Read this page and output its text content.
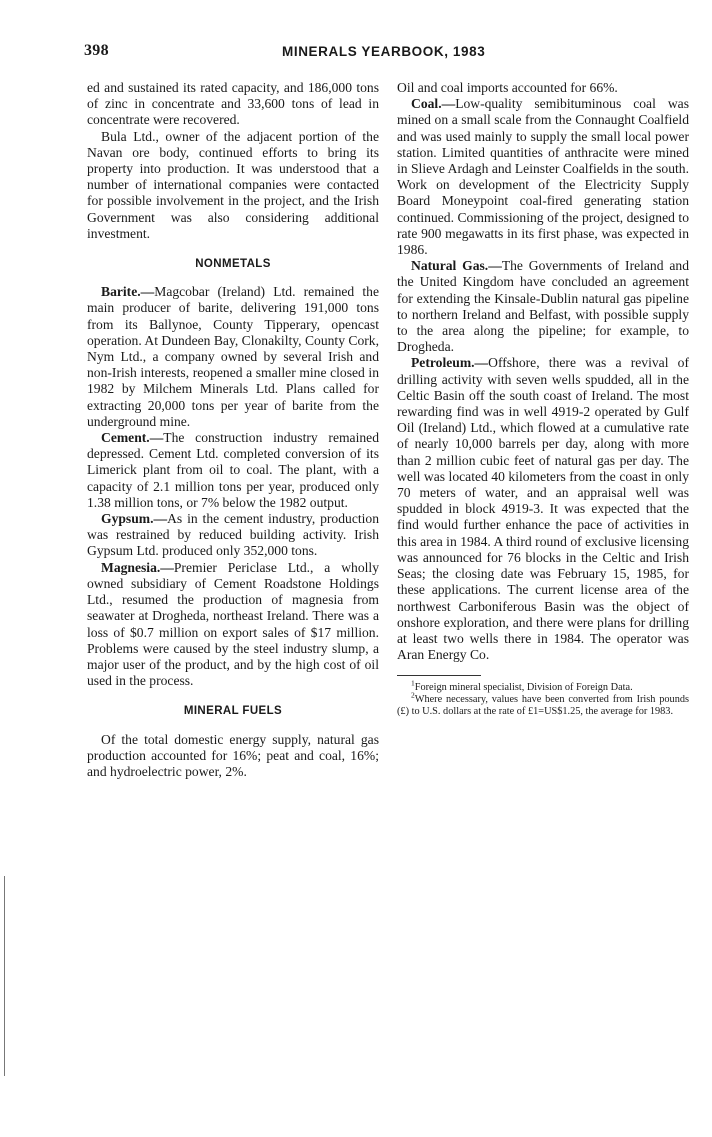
398	MINERALS YEARBOOK, 1983

ed and sustained its rated capacity, and 186,000 tons of zinc in concentrate and 33,600 tons of lead in concentrate were recovered.

Bula Ltd., owner of the adjacent portion of the Navan ore body, continued efforts to bring its property into production. It was understood that a number of international companies were contacted for possible involvement in the project, and the Irish Government was also considering additional investment.

NONMETALS

Barite.—Magcobar (Ireland) Ltd. remained the main producer of barite, delivering 191,000 tons from its Ballynoe, County Tipperary, opencast operation. At Dundeen Bay, Clonakilty, County Cork, Nym Ltd., a company owned by several Irish and non-Irish interests, reopened a smaller mine closed in 1982 by Milchem Minerals Ltd. Plans called for extracting 20,000 tons per year of barite from the underground mine.

Cement.—The construction industry remained depressed. Cement Ltd. completed conversion of its Limerick plant from oil to coal. The plant, with a capacity of 2.1 million tons per year, produced only 1.38 million tons, or 7% below the 1982 output.

Gypsum.—As in the cement industry, production was restrained by reduced building activity. Irish Gypsum Ltd. produced only 352,000 tons.

Magnesia.—Premier Periclase Ltd., a wholly owned subsidiary of Cement Roadstone Holdings Ltd., resumed the production of magnesia from seawater at Drogheda, northeast Ireland. There was a loss of $0.7 million on export sales of $17 million. Problems were caused by the steel industry slump, a major user of the product, and by the high cost of oil used in the process.

MINERAL FUELS

Of the total domestic energy supply, natural gas production accounted for 16%; peat and coal, 16%; and hydroelectric power, 2%.

Oil and coal imports accounted for 66%.

Coal.—Low-quality semibituminous coal was mined on a small scale from the Connaught Coalfield and was used mainly to supply the small local power station. Limited quantities of anthracite were mined in Slieve Ardagh and Leinster Coalfields in the south. Work on development of the Electricity Supply Board Moneypoint coal-fired generating station continued. Commissioning of the project, designed to rate 900 megawatts in its first phase, was expected in 1986.

Natural Gas.—The Governments of Ireland and the United Kingdom have concluded an agreement for extending the Kinsale-Dublin natural gas pipeline to northern Ireland and Belfast, with possible supply to the area along the pipeline; for example, to Drogheda.

Petroleum.—Offshore, there was a revival of drilling activity with seven wells spudded, all in the Celtic Basin off the south coast of Ireland. The most rewarding find was in well 4919-2 operated by Gulf Oil (Ireland) Ltd., which flowed at a cumulative rate of nearly 10,000 barrels per day, along with more than 2 million cubic feet of natural gas per day. The well was located 40 kilometers from the coast in only 70 meters of water, and an appraisal well was spudded in block 4919-3. It was expected that the find would further enhance the pace of activities in this area in 1984. A third round of exclusive licensing was announced for 76 blocks in the Celtic and Irish Seas; the closing date was February 15, 1985, for these applications. The current license area of the northwest Carboniferous Basin was the object of onshore exploration, and there were plans for drilling at least two wells there in 1984. The operator was Aran Energy Co.

$^1$Foreign mineral specialist, Division of Foreign Data.

$^2$Where necessary, values have been converted from Irish pounds (£) to U.S. dollars at the rate of £1=US$1.25, the average for 1983.
